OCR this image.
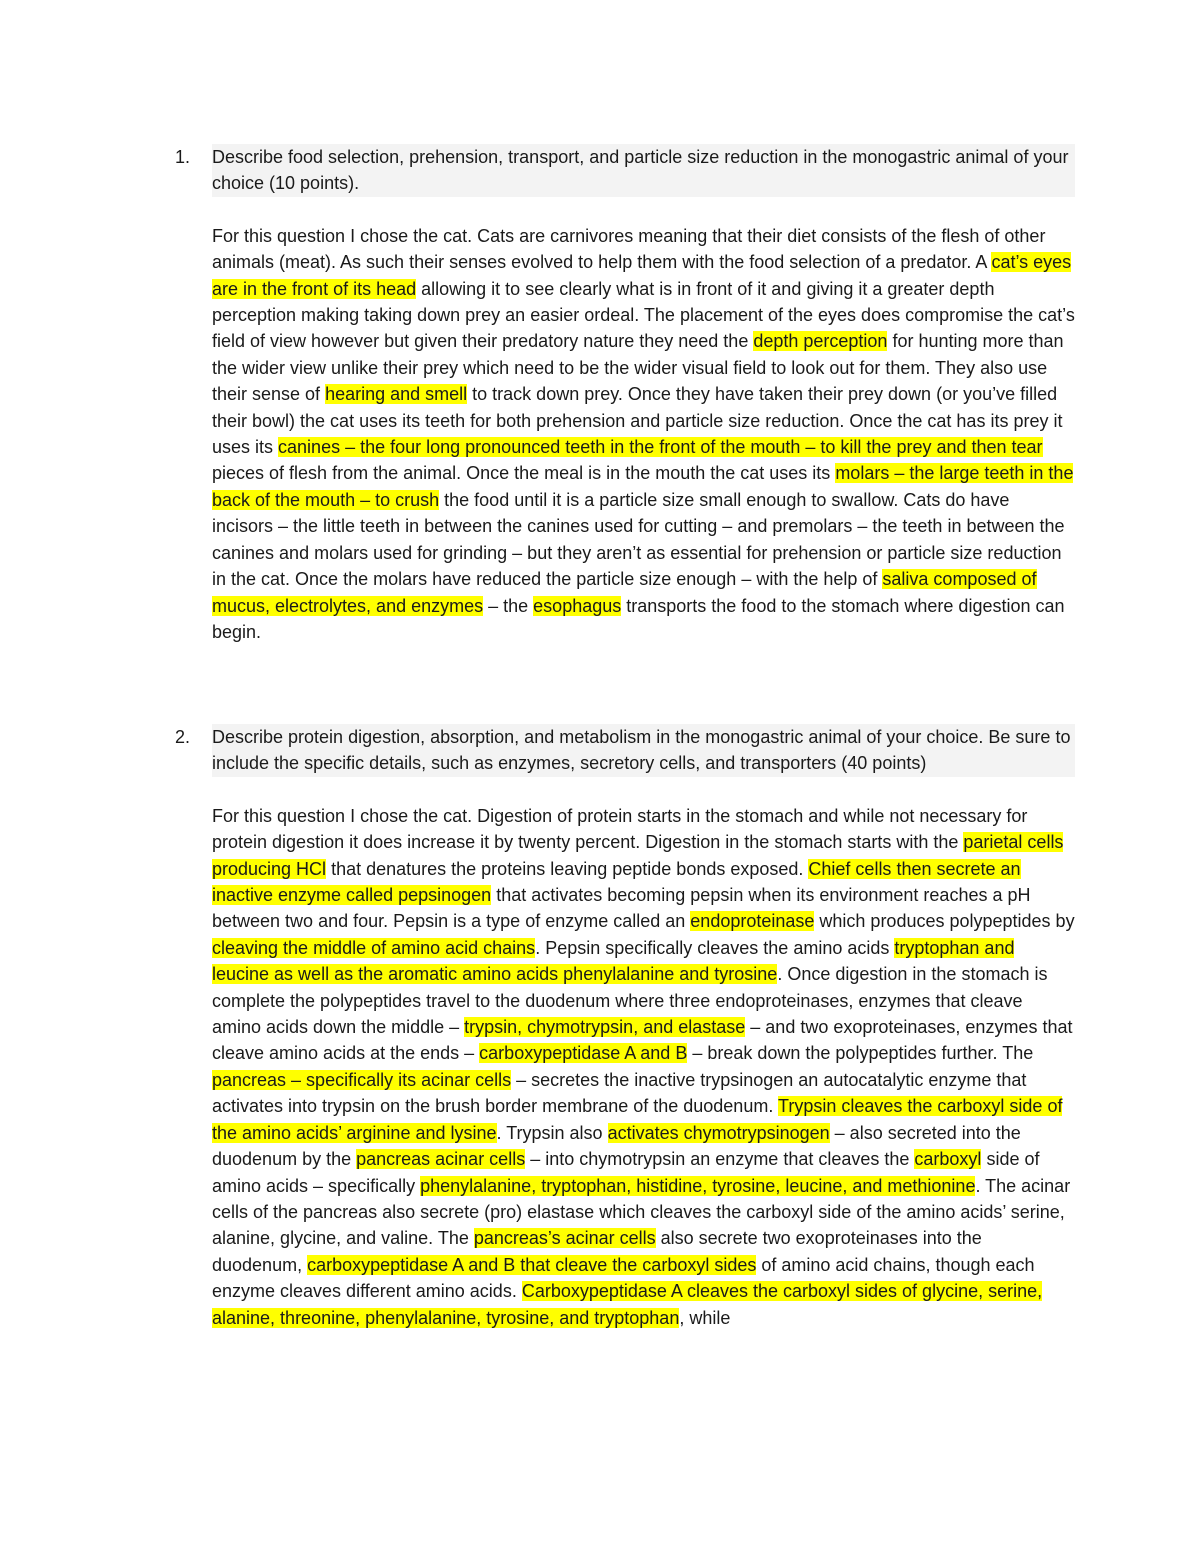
1. Describe food selection, prehension, transport, and particle size reduction in the monogastric animal of your choice (10 points).
For this question I chose the cat. Cats are carnivores meaning that their diet consists of the flesh of other animals (meat). As such their senses evolved to help them with the food selection of a predator. A cat’s eyes are in the front of its head allowing it to see clearly what is in front of it and giving it a greater depth perception making taking down prey an easier ordeal. The placement of the eyes does compromise the cat’s field of view however but given their predatory nature they need the depth perception for hunting more than the wider view unlike their prey which need to be the wider visual field to look out for them. They also use their sense of hearing and smell to track down prey. Once they have taken their prey down (or you’ve filled their bowl) the cat uses its teeth for both prehension and particle size reduction. Once the cat has its prey it uses its canines – the four long pronounced teeth in the front of the mouth – to kill the prey and then tear pieces of flesh from the animal. Once the meal is in the mouth the cat uses its molars – the large teeth in the back of the mouth – to crush the food until it is a particle size small enough to swallow. Cats do have incisors – the little teeth in between the canines used for cutting – and premolars – the teeth in between the canines and molars used for grinding – but they aren’t as essential for prehension or particle size reduction in the cat. Once the molars have reduced the particle size enough – with the help of saliva composed of mucus, electrolytes, and enzymes – the esophagus transports the food to the stomach where digestion can begin.
2. Describe protein digestion, absorption, and metabolism in the monogastric animal of your choice. Be sure to include the specific details, such as enzymes, secretory cells, and transporters (40 points)
For this question I chose the cat. Digestion of protein starts in the stomach and while not necessary for protein digestion it does increase it by twenty percent. Digestion in the stomach starts with the parietal cells producing HCl that denatures the proteins leaving peptide bonds exposed. Chief cells then secrete an inactive enzyme called pepsinogen that activates becoming pepsin when its environment reaches a pH between two and four. Pepsin is a type of enzyme called an endoproteinase which produces polypeptides by cleaving the middle of amino acid chains. Pepsin specifically cleaves the amino acids tryptophan and leucine as well as the aromatic amino acids phenylalanine and tyrosine. Once digestion in the stomach is complete the polypeptides travel to the duodenum where three endoproteinases, enzymes that cleave amino acids down the middle – trypsin, chymotrypsin, and elastase – and two exoproteinases, enzymes that cleave amino acids at the ends – carboxypeptidase A and B – break down the polypeptides further. The pancreas – specifically its acinar cells – secretes the inactive trypsinogen an autocatalytic enzyme that activates into trypsin on the brush border membrane of the duodenum. Trypsin cleaves the carboxyl side of the amino acids’ arginine and lysine. Trypsin also activates chymotrypsinogen – also secreted into the duodenum by the pancreas acinar cells – into chymotrypsin an enzyme that cleaves the carboxyl side of amino acids – specifically phenylalanine, tryptophan, histidine, tyrosine, leucine, and methionine. The acinar cells of the pancreas also secrete (pro) elastase which cleaves the carboxyl side of the amino acids’ serine, alanine, glycine, and valine. The pancreas’s acinar cells also secrete two exoproteinases into the duodenum, carboxypeptidase A and B that cleave the carboxyl sides of amino acid chains, though each enzyme cleaves different amino acids. Carboxypeptidase A cleaves the carboxyl sides of glycine, serine, alanine, threonine, phenylalanine, tyrosine, and tryptophan, while
